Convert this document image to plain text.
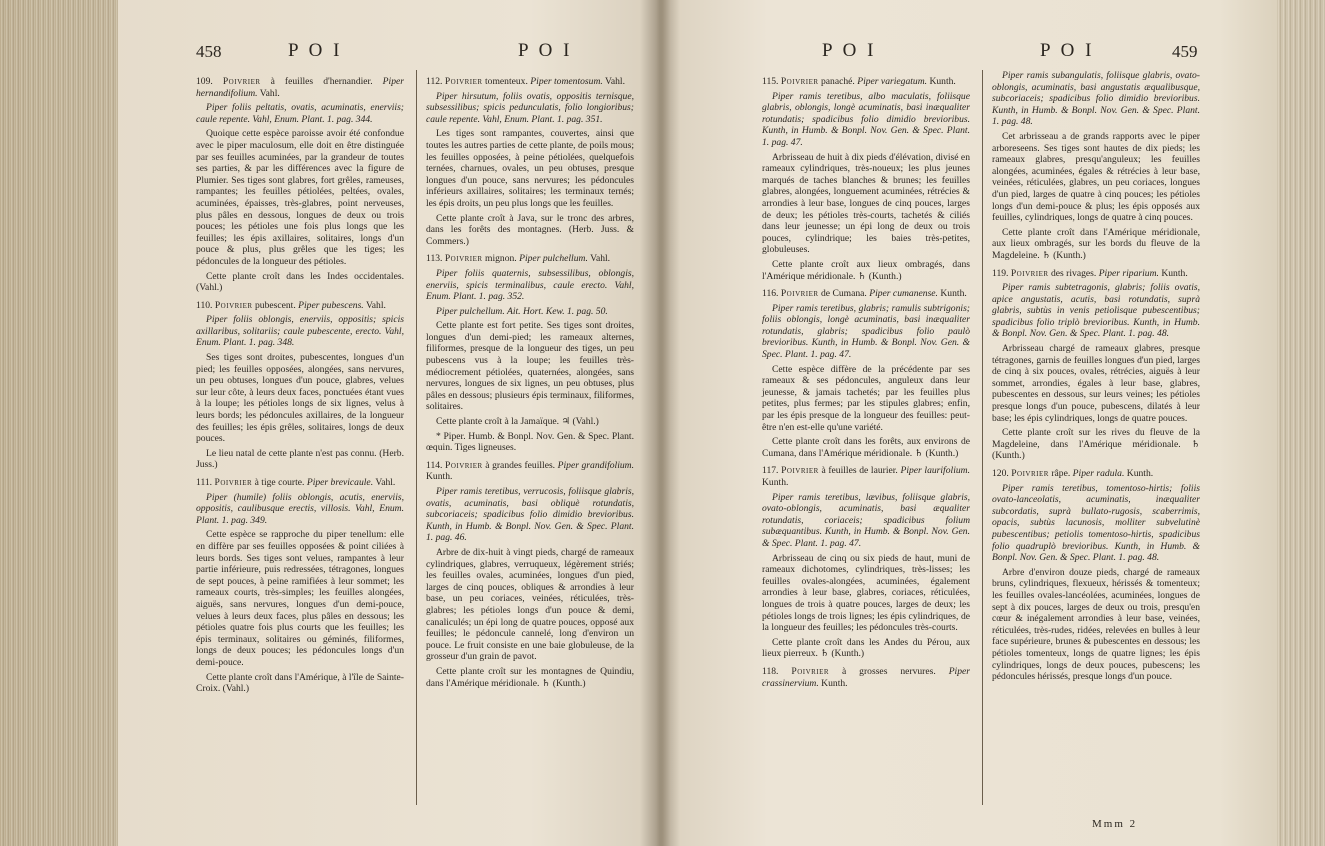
458	P O I	P O I

109. Poivrier à feuilles d'hernandier. Piper hernandifolium. Vahl.

Piper foliis peltatis, ovatis, acuminatis, enerviis; caule repente. Vahl, Enum. Plant. 1. pag. 344.

Quoique cette espèce paroisse avoir été confondue avec le piper maculosum, elle doit en être distinguée par ses feuilles acuminées, par la grandeur de toutes ses parties, & par les différences avec la figure de Plumier. Ses tiges sont glabres, fort grêles, rameuses, rampantes; les feuilles pétiolées, peltées, ovales, acuminées, épaisses, très-glabres, point nerveuses, plus pâles en dessous, longues de deux ou trois pouces; les pétioles une fois plus longs que les feuilles; les épis axillaires, solitaires, longs d'un pouce & plus, plus grêles que les tiges; les pédoncules de la longueur des pétioles.

Cette plante croît dans les Indes occidentales. (Vahl.)

110. Poivrier pubescent. Piper pubescens. Vahl.

Piper foliis oblongis, enerviis, oppositis; spicis axillaribus, solitariis; caule pubescente, erecto. Vahl, Enum. Plant. 1. pag. 348.

Ses tiges sont droites, pubescentes, longues d'un pied; les feuilles opposées, alongées, sans nervures, un peu obtuses, longues d'un pouce, glabres, velues sur leur côte, à leurs deux faces, ponctuées étant vues à la loupe; les pétioles longs de six lignes, velus à leurs bords; les pédoncules axillaires, de la longueur des feuilles; les épis grêles, solitaires, longs de deux pouces.

Le lieu natal de cette plante n'est pas connu. (Herb. Juss.)

111. Poivrier à tige courte. Piper brevicaule. Vahl.

Piper (humile) foliis oblongis, acutis, enerviis, oppositis, caulibusque erectis, villosis. Vahl, Enum. Plant. 1. pag. 349.

Cette espèce se rapproche du piper tenellum: elle en diffère par ses feuilles opposées & point ciliées à leurs bords. Ses tiges sont velues, rampantes à leur partie inférieure, puis redressées, tétragones, longues de sept pouces, à peine ramifiées à leur sommet; les rameaux courts, très-simples; les feuilles alongées, aiguës, sans nervures, longues d'un demi-pouce, velues à leurs deux faces, plus pâles en dessous; les pétioles quatre fois plus courts que les feuilles; les épis terminaux, solitaires ou géminés, filiformes, longs de deux pouces; les pédoncules longs d'un demi-pouce.

Cette plante croît dans l'Amérique, à l'île de Sainte-Croix. (Vahl.)

112. Poivrier tomenteux. Piper tomentosum. Vahl.

Piper hirsutum, foliis ovatis, oppositis ternisque, subsessilibus; spicis pedunculatis, folio longioribus; caule repente. Vahl, Enum. Plant. 1. pag. 351.

Les tiges sont rampantes, couvertes, ainsi que toutes les autres parties de cette plante, de poils mous; les feuilles opposées, à peine pétiolées, quelquefois ternées, charnues, ovales, un peu obtuses, presque longues d'un pouce, sans nervures; les pédoncules inférieurs axillaires, solitaires; les terminaux ternés; les épis droits, un peu plus longs que les feuilles.

Cette plante croît à Java, sur le tronc des arbres, dans les forêts des montagnes. (Herb. Juss. & Commers.)

113. Poivrier mignon. Piper pulchellum. Vahl.

Piper foliis quaternis, subsessilibus, oblongis, enerviis, spicis terminalibus, caule erecto. Vahl, Enum. Plant. 1. pag. 352.

Piper pulchellum. Ait. Hort. Kew. 1. pag. 50.

Cette plante est fort petite. Ses tiges sont droites, longues d'un demi-pied; les rameaux alternes, filiformes, presque de la longueur des tiges, un peu pubescens vus à la loupe; les feuilles très-médiocrement pétiolées, quaternées, alongées, sans nervures, longues de six lignes, un peu obtuses, plus pâles en dessous; plusieurs épis terminaux, filiformes, solitaires.

Cette plante croît à la Jamaïque. ♃ (Vahl.)

* Piper. Humb. & Bonpl. Nov. Gen. & Spec. Plant. œquin. Tiges ligneuses.

114. Poivrier à grandes feuilles. Piper grandifolium. Kunth.

Piper ramis teretibus, verrucosis, foliisque glabris, ovatis, acuminatis, basi obliquè rotundatis, subcoriaceis; spadicibus folio dimidio brevioribus. Kunth, in Humb. & Bonpl. Nov. Gen. & Spec. Plant. 1. pag. 46.

Arbre de dix-huit à vingt pieds, chargé de rameaux cylindriques, glabres, verruqueux, légèrement striés; les feuilles ovales, acuminées, longues d'un pied, larges de cinq pouces, obliques & arrondies à leur base, un peu coriaces, veinées, réticulées, très-glabres; les pétioles longs d'un pouce & demi, canaliculés; un épi long de quatre pouces, opposé aux feuilles; le pédoncule cannelé, long d'environ un pouce. Le fruit consiste en une baie globuleuse, de la grosseur d'un grain de pavot.

Cette plante croît sur les montagnes de Quindiu, dans l'Amérique méridionale. ♄ (Kunth.)

P O I	P O I	459

115. Poivrier panaché. Piper variegatum. Kunth.

Piper ramis teretibus, albo maculatis, foliisque glabris, oblongis, longè acuminatis, basi inæqualiter rotundatis; spadicibus folio dimidio brevioribus. Kunth, in Humb. & Bonpl. Nov. Gen. & Spec. Plant. 1. pag. 47.

Arbrisseau de huit à dix pieds d'élévation, divisé en rameaux cylindriques, très-noueux; les plus jeunes marqués de taches blanches & brunes; les feuilles glabres, alongées, longuement acuminées, rétrécies & arrondies à leur base, longues de cinq pouces, larges de deux; les pétioles très-courts, tachetés & ciliés dans leur jeunesse; un épi long de deux ou trois pouces, cylindrique; les baies très-petites, globuleuses.

Cette plante croît aux lieux ombragés, dans l'Amérique méridionale. ♄ (Kunth.)

116. Poivrier de Cumana. Piper cumanense. Kunth.

Piper ramis teretibus, glabris; ramulis subtrigonis; foliis oblongis, longè acuminatis, basi inæqualiter rotundatis, glabris; spadicibus folio paulò brevioribus. Kunth, in Humb. & Bonpl. Nov. Gen. & Spec. Plant. 1. pag. 47.

Cette espèce diffère de la précédente par ses rameaux & ses pédoncules, anguleux dans leur jeunesse, & jamais tachetés; par les feuilles plus petites, plus fermes; par les stipules glabres; enfin, par les épis presque de la longueur des feuilles: peut-être n'en est-elle qu'une variété.

Cette plante croît dans les forêts, aux environs de Cumana, dans l'Amérique méridionale. ♄ (Kunth.)

117. Poivrier à feuilles de laurier. Piper laurifolium. Kunth.

Piper ramis teretibus, lævibus, foliisque glabris, ovato-oblongis, acuminatis, basi æqualiter rotundatis, coriaceis; spadicibus folium subæquantibus. Kunth, in Humb. & Bonpl. Nov. Gen. & Spec. Plant. 1. pag. 47.

Arbrisseau de cinq ou six pieds de haut, muni de rameaux dichotomes, cylindriques, très-lisses; les feuilles ovales-alongées, acuminées, également arrondies à leur base, glabres, coriaces, réticulées, longues de trois à quatre pouces, larges de deux; les pétioles longs de trois lignes; les épis cylindriques, de la longueur des feuilles; les pédoncules très-courts.

Cette plante croît dans les Andes du Pérou, aux lieux pierreux. ♄ (Kunth.)

118. Poivrier à grosses nervures. Piper crassinervium. Kunth.

Piper ramis subangulatis, foliisque glabris, ovato-oblongis, acuminatis, basi angustatis æqualibusque, subcoriaceis; spadicibus folio dimidio brevioribus. Kunth, in Humb. & Bonpl. Nov. Gen. & Spec. Plant. 1. pag. 48.

Cet arbrisseau a de grands rapports avec le piper arboreseens. Ses tiges sont hautes de dix pieds; les rameaux glabres, presqu'anguleux; les feuilles alongées, acuminées, égales & rétrécies à leur base, veinées, réticulées, glabres, un peu coriaces, longues d'un pied, larges de quatre à cinq pouces; les pétioles longs d'un demi-pouce & plus; les épis opposés aux feuilles, cylindriques, longs de quatre à cinq pouces.

Cette plante croît dans l'Amérique méridionale, aux lieux ombragés, sur les bords du fleuve de la Magdeleine. ♄ (Kunth.)

119. Poivrier des rivages. Piper riparium. Kunth.

Piper ramis subtetragonis, glabris; foliis ovatis, apice angustatis, acutis, basi rotundatis, suprà glabris, subtùs in venis petiolisque pubescentibus; spadicibus folio triplò brevioribus. Kunth, in Humb. & Bonpl. Nov. Gen. & Spec. Plant. 1. pag. 48.

Arbrisseau chargé de rameaux glabres, presque tétragones, garnis de feuilles longues d'un pied, larges de cinq à six pouces, ovales, rétrécies, aiguës à leur sommet, arrondies, égales à leur base, glabres, pubescentes en dessous, sur leurs veines; les pétioles presque longs d'un pouce, pubescens, dilatés à leur base; les épis cylindriques, longs de quatre pouces.

Cette plante croît sur les rives du fleuve de la Magdeleine, dans l'Amérique méridionale. ♄ (Kunth.)

120. Poivrier râpe. Piper radula. Kunth.

Piper ramis teretibus, tomentoso-hirtis; foliis ovato-lanceolatis, acuminatis, inæqualiter subcordatis, suprà bullato-rugosis, scaberrimis, opacis, subtùs lacunosis, molliter subvelutinè pubescentibus; petiolis tomentoso-hirtis, spadicibus folio quadruplò brevioribus. Kunth, in Humb. & Bonpl. Nov. Gen. & Spec. Plant. 1. pag. 48.

Arbre d'environ douze pieds, chargé de rameaux bruns, cylindriques, flexueux, hérissés & tomenteux; les feuilles ovales-lancéolées, acuminées, longues de sept à dix pouces, larges de deux ou trois, presqu'en cœur & inégalement arrondies à leur base, veinées, réticulées, très-rudes, ridées, relevées en bulles à leur face supérieure, brunes & pubescentes en dessous; les pétioles tomenteux, longs de quatre lignes; les épis cylindriques, longs de deux pouces, pubescens; les pédoncules hérissés, presque longs d'un pouce.

Mmm 2
